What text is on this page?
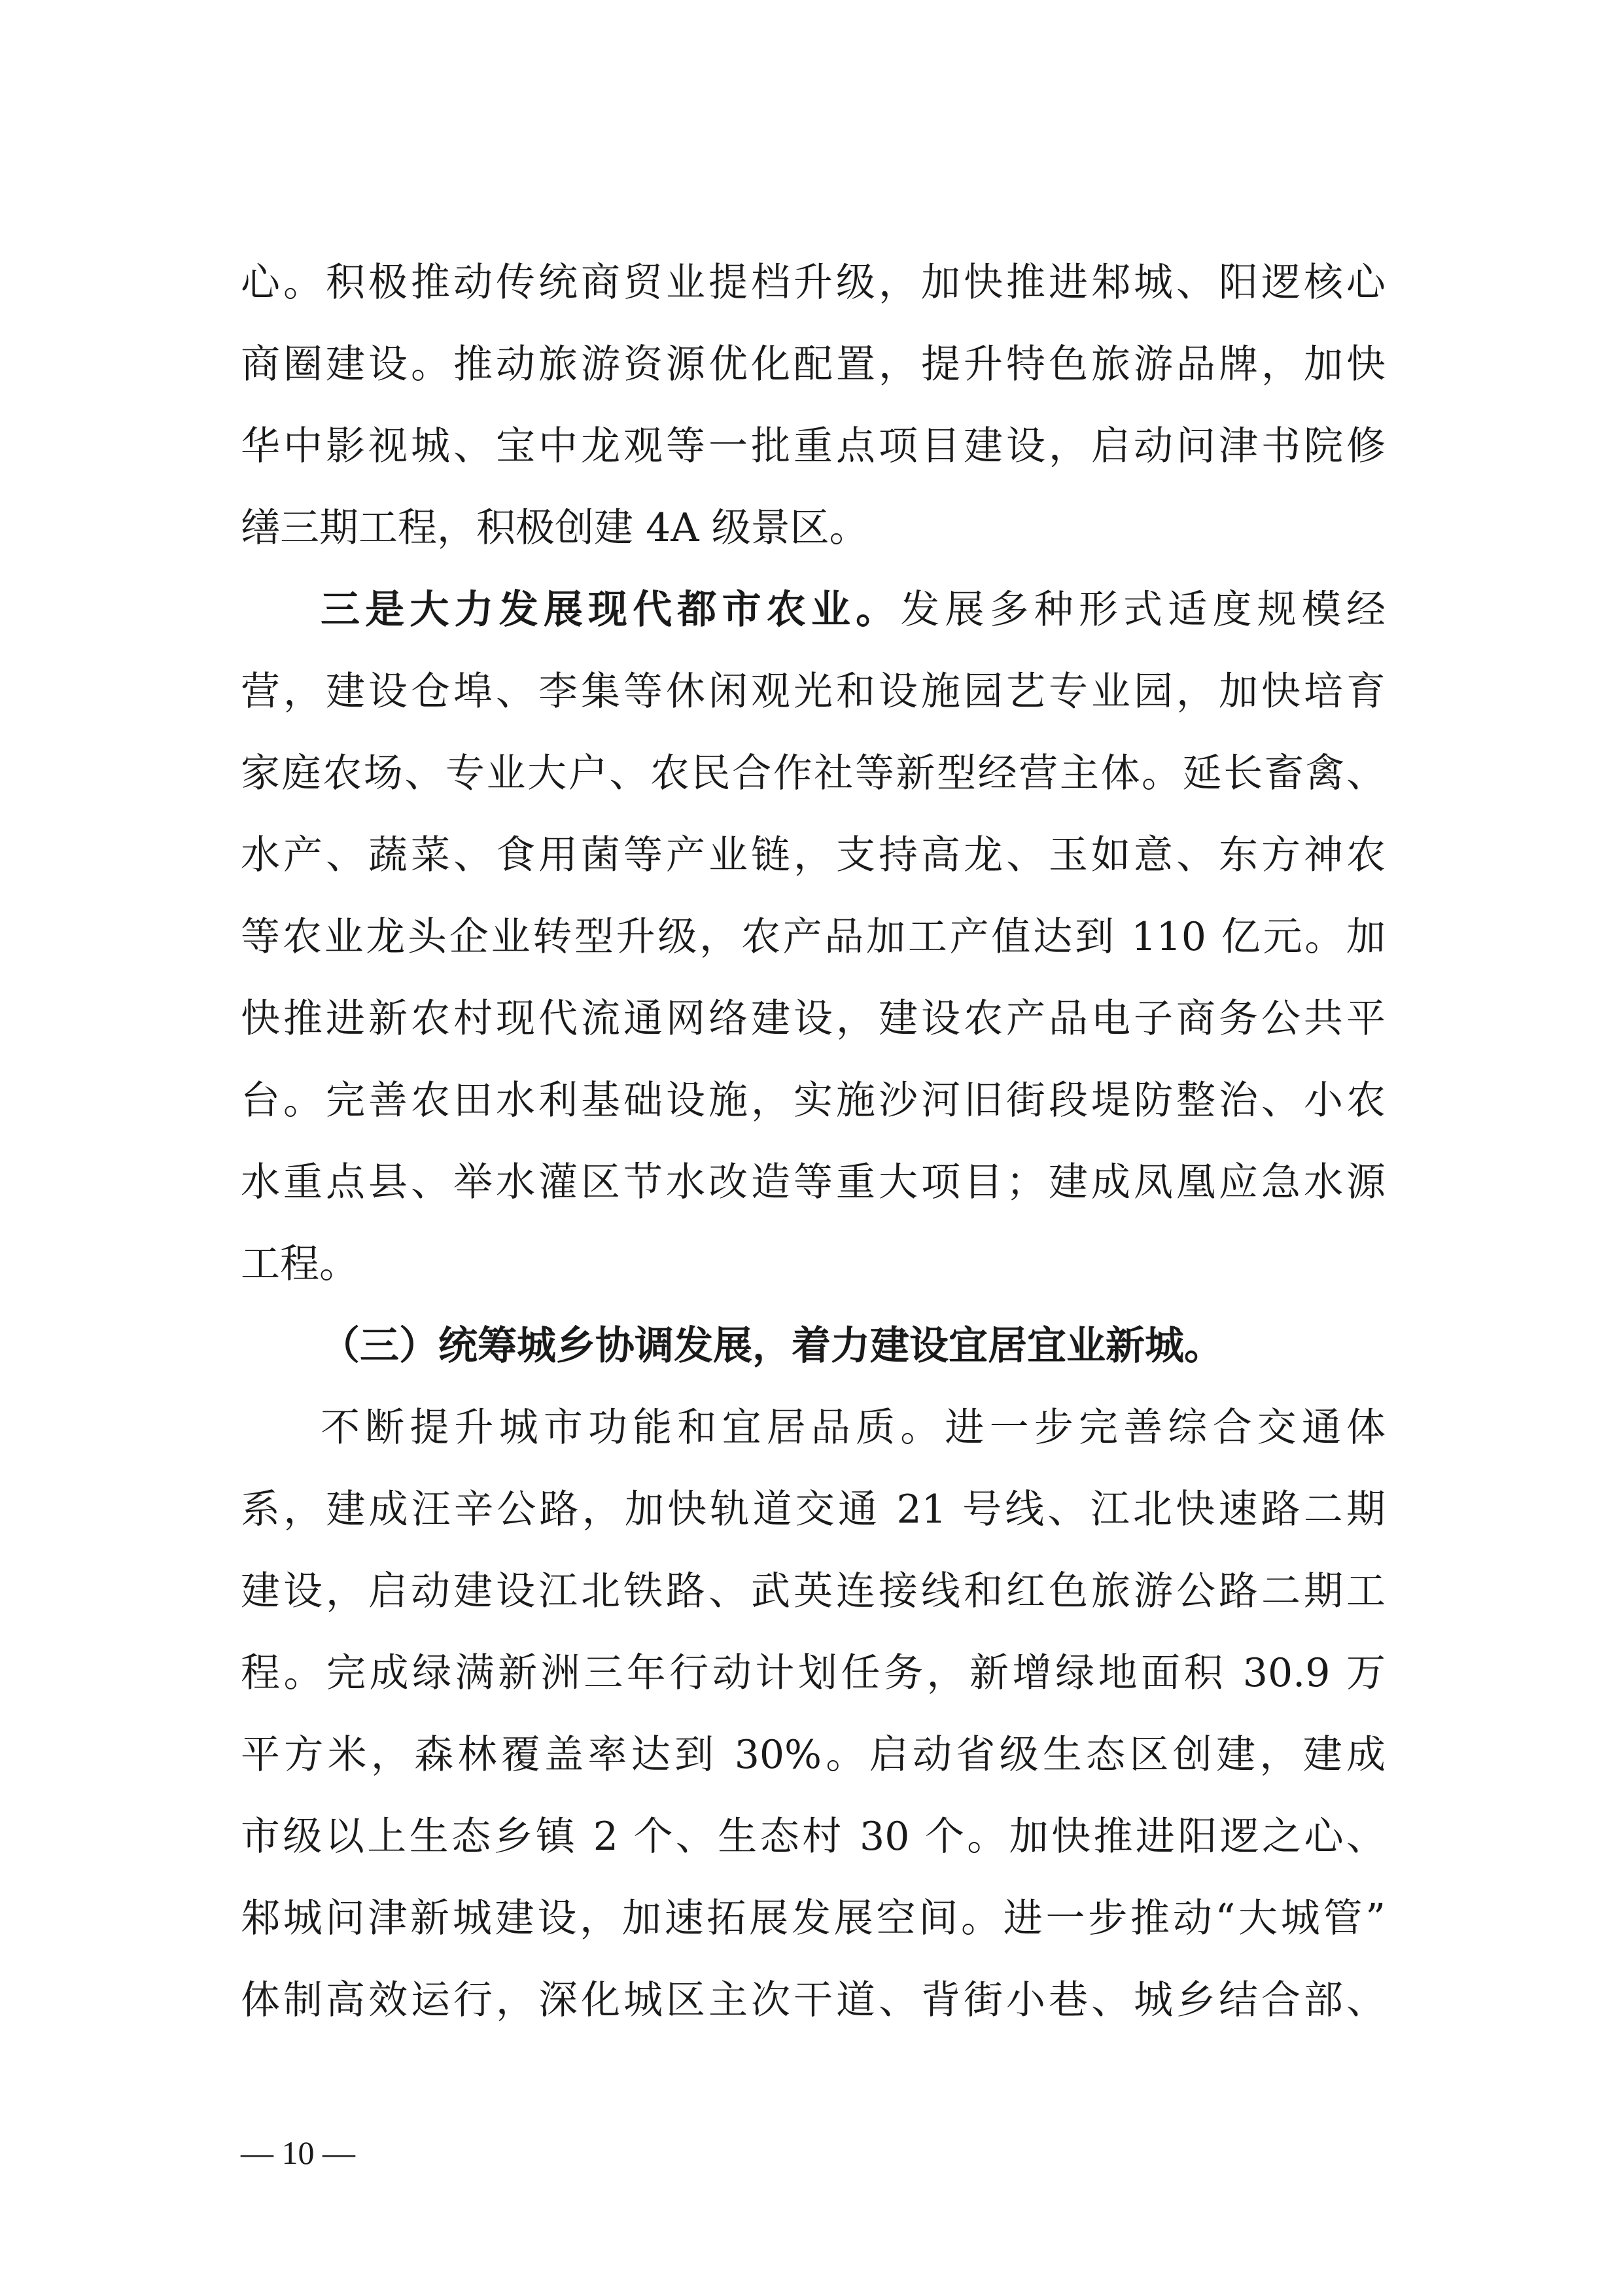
心。积极推动传统商贸业提档升级，加快推进邾城、阳逻核心
商圈建设。推动旅游资源优化配置，提升特色旅游品牌，加快
华中影视城、宝中龙观等一批重点项目建设，启动问津书院修
缮三期工程，积极创建 4A 级景区。
三是大力发展现代都市农业。发展多种形式适度规模经
营，建设仓埠、李集等休闲观光和设施园艺专业园，加快培育
家庭农场、专业大户、农民合作社等新型经营主体。延长畜禽、
水产、蔬菜、食用菌等产业链，支持高龙、玉如意、东方神农
等农业龙头企业转型升级，农产品加工产值达到 110 亿元。加
快推进新农村现代流通网络建设，建设农产品电子商务公共平
台。完善农田水利基础设施，实施沙河旧街段堤防整治、小农
水重点县、举水灌区节水改造等重大项目；建成凤凰应急水源
工程。
（三）统筹城乡协调发展，着力建设宜居宜业新城。
不断提升城市功能和宜居品质。进一步完善综合交通体
系，建成汪辛公路，加快轨道交通 21 号线、江北快速路二期
建设，启动建设江北铁路、武英连接线和红色旅游公路二期工
程。完成绿满新洲三年行动计划任务，新增绿地面积 30.9 万
平方米，森林覆盖率达到 30%。启动省级生态区创建，建成
市级以上生态乡镇 2 个、生态村 30 个。加快推进阳逻之心、
邾城问津新城建设，加速拓展发展空间。进一步推动“大城管”
体制高效运行，深化城区主次干道、背街小巷、城乡结合部、
— 10 —
